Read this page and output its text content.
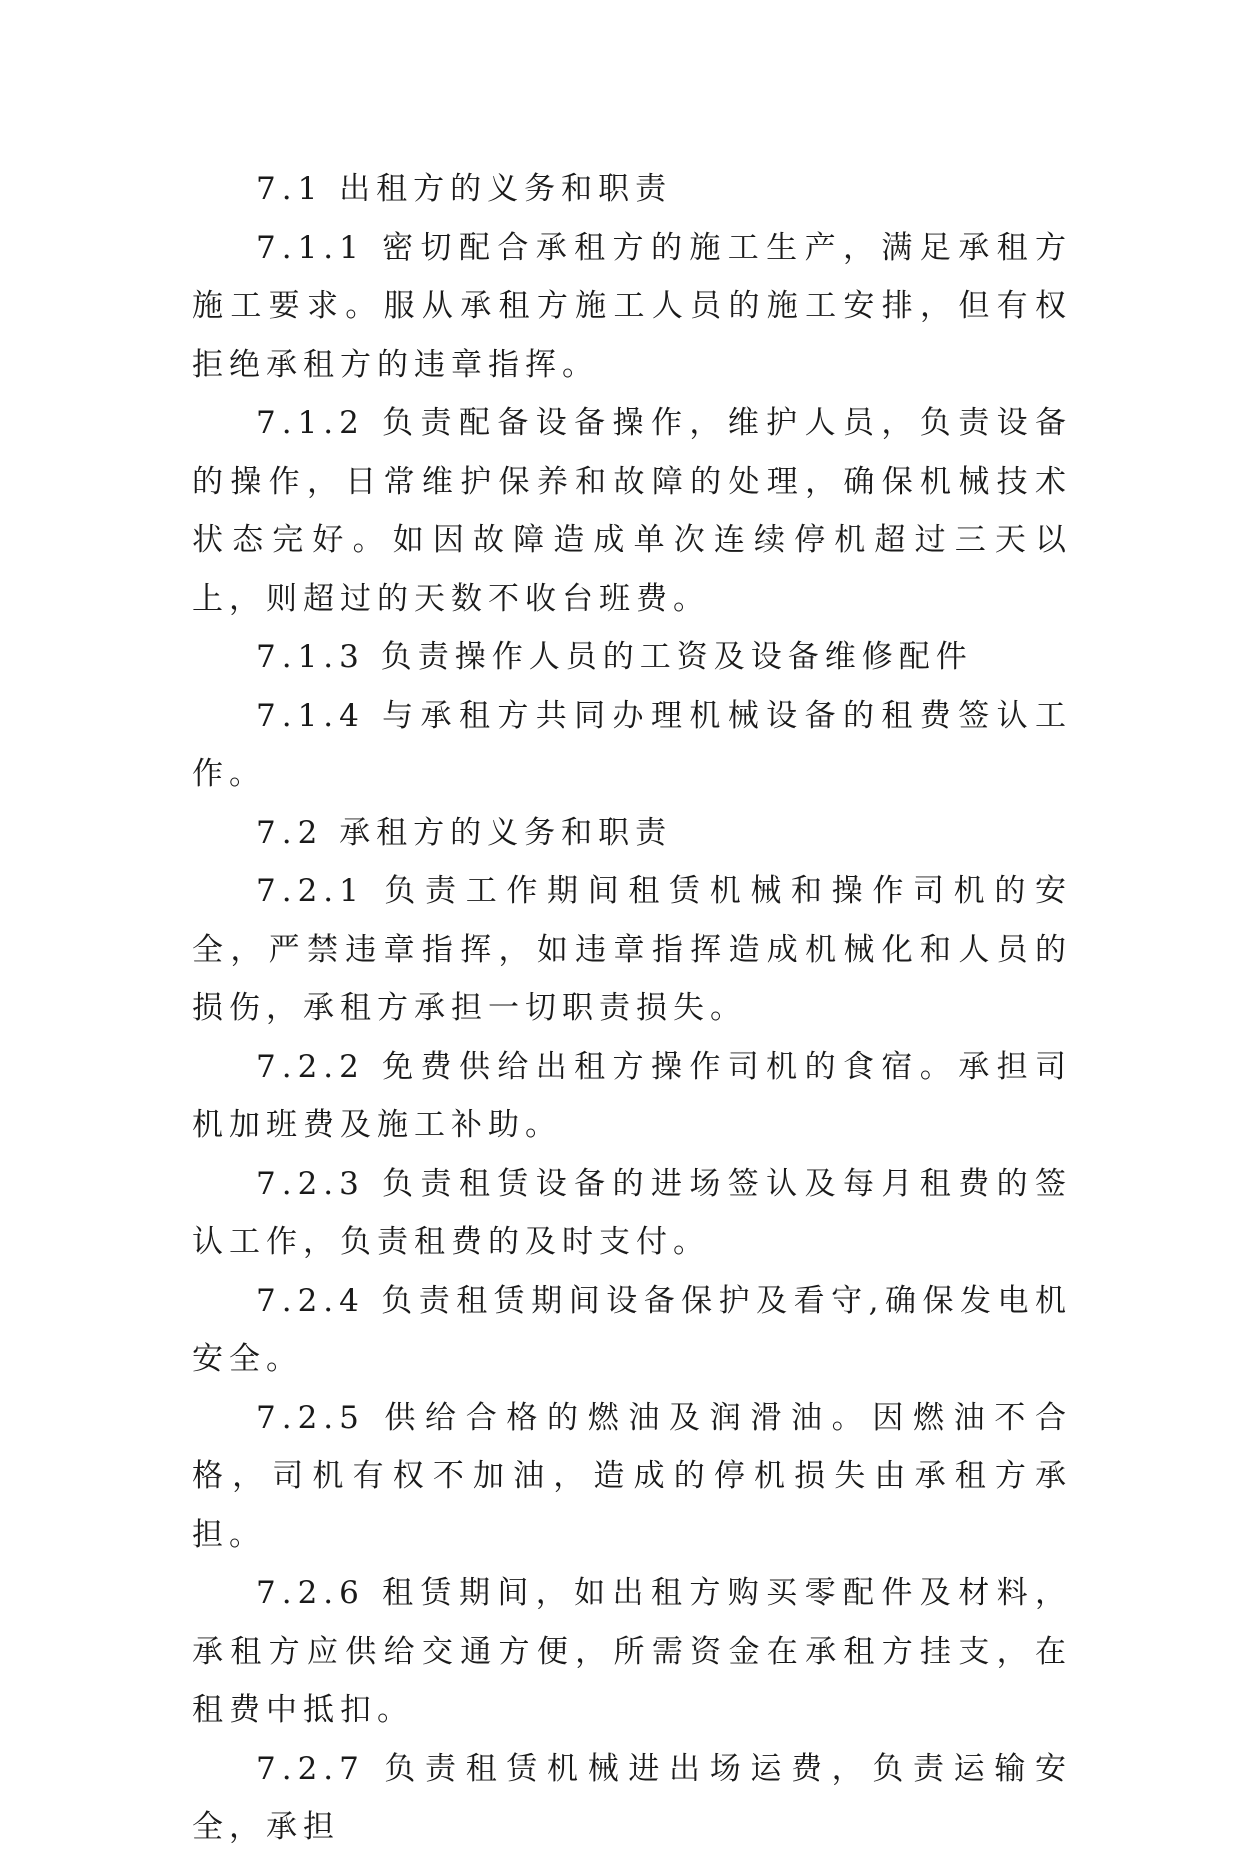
7.1 出租方的义务和职责

7.1.1 密切配合承租方的施工生产，满足承租方施工要求。服从承租方施工人员的施工安排，但有权拒绝承租方的违章指挥。

7.1.2 负责配备设备操作，维护人员，负责设备的操作，日常维护保养和故障的处理，确保机械技术状态完好。如因故障造成单次连续停机超过三天以上，则超过的天数不收台班费。

7.1.3 负责操作人员的工资及设备维修配件

7.1.4 与承租方共同办理机械设备的租费签认工作。

7.2 承租方的义务和职责

7.2.1 负责工作期间租赁机械和操作司机的安全，严禁违章指挥，如违章指挥造成机械化和人员的损伤，承租方承担一切职责损失。

7.2.2 免费供给出租方操作司机的食宿。承担司机加班费及施工补助。

7.2.3 负责租赁设备的进场签认及每月租费的签认工作，负责租费的及时支付。

7.2.4 负责租赁期间设备保护及看守,确保发电机安全。

7.2.5 供给合格的燃油及润滑油。因燃油不合格，司机有权不加油，造成的停机损失由承租方承担。

7.2.6 租赁期间，如出租方购买零配件及材料，承租方应供给交通方便，所需资金在承租方挂支，在租费中抵扣。

7.2.7 负责租赁机械进出场运费，负责运输安全，承担
